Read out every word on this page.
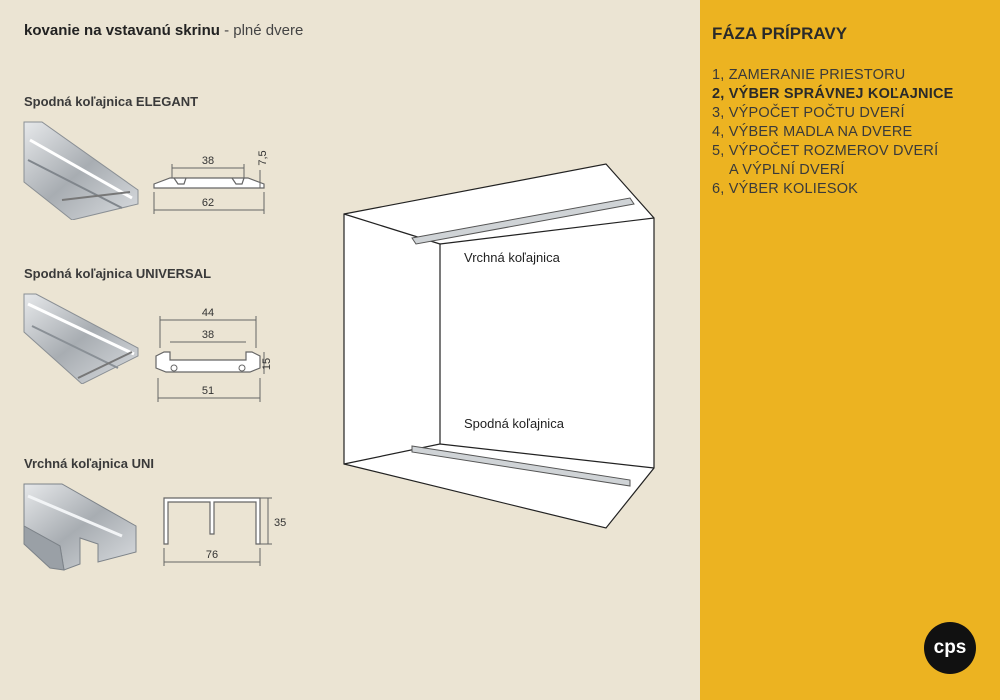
kovanie na vstavanú skrinu - plné dvere
Spodná koľajnica ELEGANT
38
62
7,5
Spodná koľajnica UNIVERSAL
44
38
15
51
Vrchná koľajnica UNI
35
76
Vrchná koľajnica
Spodná koľajnica
FÁZA PRÍPRAVY
1, ZAMERANIE PRIESTORU
2, VÝBER SPRÁVNEJ KOĽAJNICE
3, VÝPOČET POČTU DVERÍ
4, VÝBER MADLA NA DVERE
5, VÝPOČET ROZMEROV DVERÍ
A VÝPLNÍ DVERÍ
6, VÝBER KOLIESOK
cps
